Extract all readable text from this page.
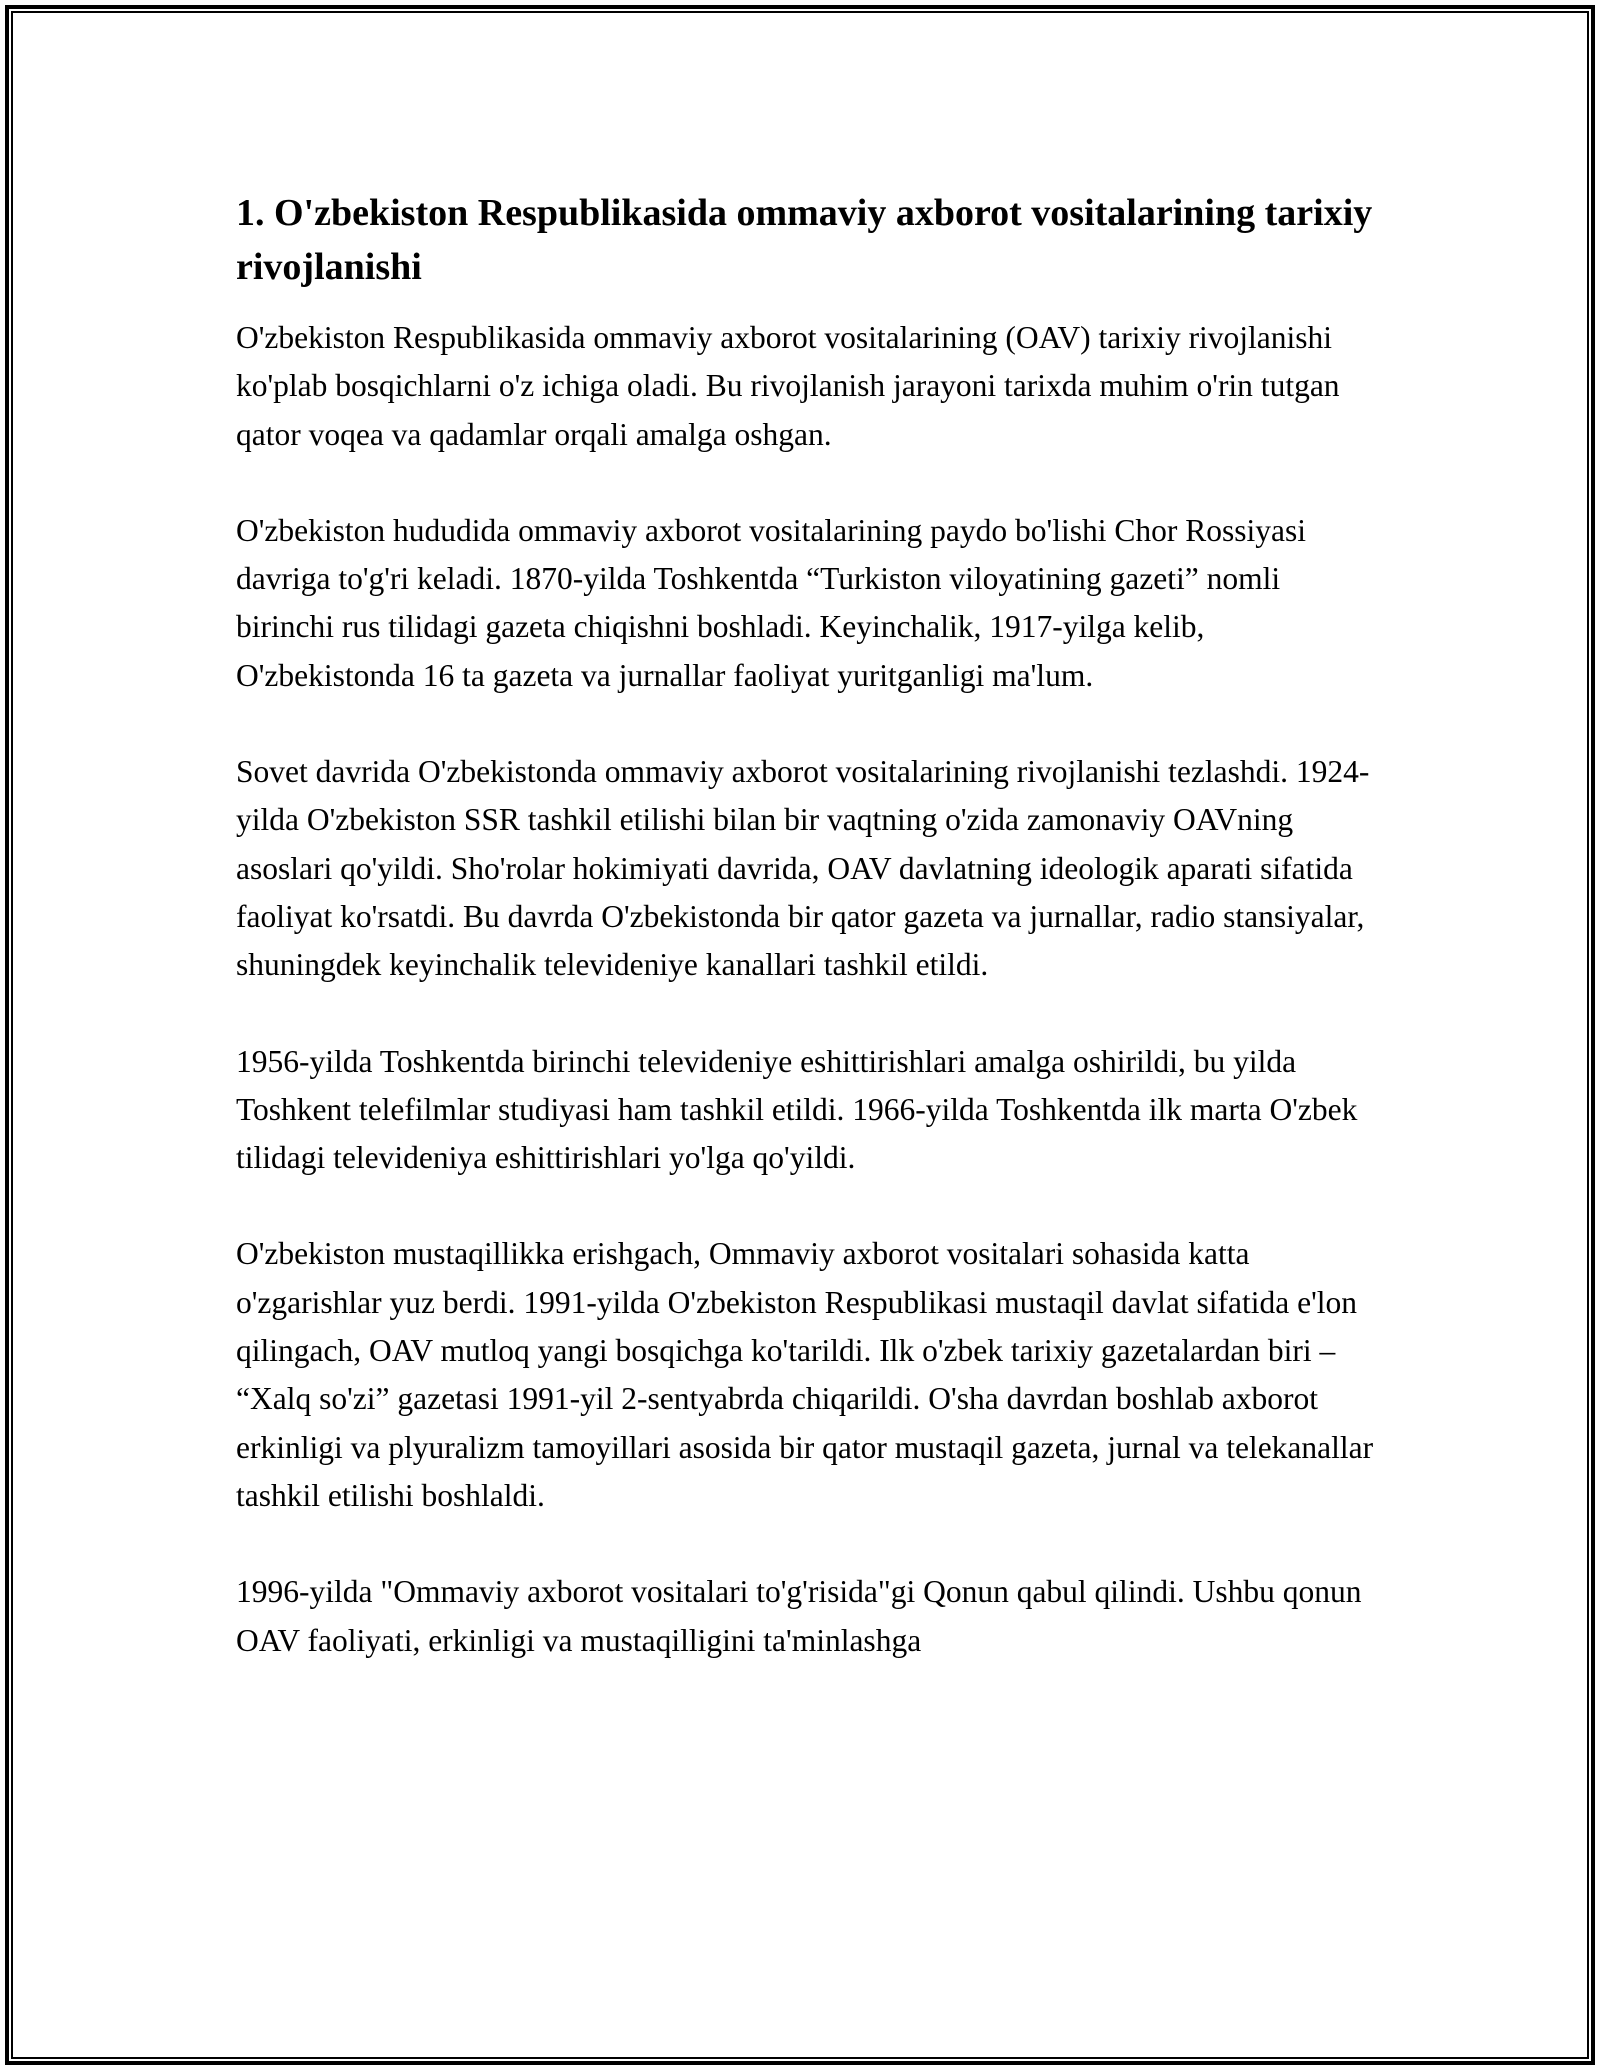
1. O'zbekiston Respublikasida ommaviy axborot vositalarining tarixiy rivojlanishi

O'zbekiston Respublikasida ommaviy axborot vositalarining (OAV) tarixiy rivojlanishi ko'plab bosqichlarni o'z ichiga oladi. Bu rivojlanish jarayoni tarixda muhim o'rin tutgan qator voqea va qadamlar orqali amalga oshgan.

O'zbekiston hududida ommaviy axborot vositalarining paydo bo'lishi Chor Rossiyasi davriga to'g'ri keladi. 1870-yilda Toshkentda “Turkiston viloyatining gazeti” nomli birinchi rus tilidagi gazeta chiqishni boshladi. Keyinchalik, 1917-yilga kelib, O'zbekistonda 16 ta gazeta va jurnallar faoliyat yuritganligi ma'lum.

Sovet davrida O'zbekistonda ommaviy axborot vositalarining rivojlanishi tezlashdi. 1924-yilda O'zbekiston SSR tashkil etilishi bilan bir vaqtning o'zida zamonaviy OAVning asoslari qo'yildi. Sho'rolar hokimiyati davrida, OAV davlatning ideologik aparati sifatida faoliyat ko'rsatdi. Bu davrda O'zbekistonda bir qator gazeta va jurnallar, radio stansiyalar, shuningdek keyinchalik televideniye kanallari tashkil etildi.

1956-yilda Toshkentda birinchi televideniye eshittirishlari amalga oshirildi, bu yilda Toshkent telefilmlar studiyasi ham tashkil etildi. 1966-yilda Toshkentda ilk marta O'zbek tilidagi televideniya eshittirishlari yo'lga qo'yildi.

O'zbekiston mustaqillikka erishgach, Ommaviy axborot vositalari sohasida katta o'zgarishlar yuz berdi. 1991-yilda O'zbekiston Respublikasi mustaqil davlat sifatida e'lon qilingach, OAV mutloq yangi bosqichga ko'tarildi. Ilk o'zbek tarixiy gazetalardan biri – “Xalq so'zi” gazetasi 1991-yil 2-sentyabrda chiqarildi. O'sha davrdan boshlab axborot erkinligi va plyuralizm tamoyillari asosida bir qator mustaqil gazeta, jurnal va telekanallar tashkil etilishi boshlaldi.

1996-yilda "Ommaviy axborot vositalari to'g'risida"gi Qonun qabul qilindi. Ushbu qonun OAV faoliyati, erkinligi va mustaqilligini ta'minlashga
